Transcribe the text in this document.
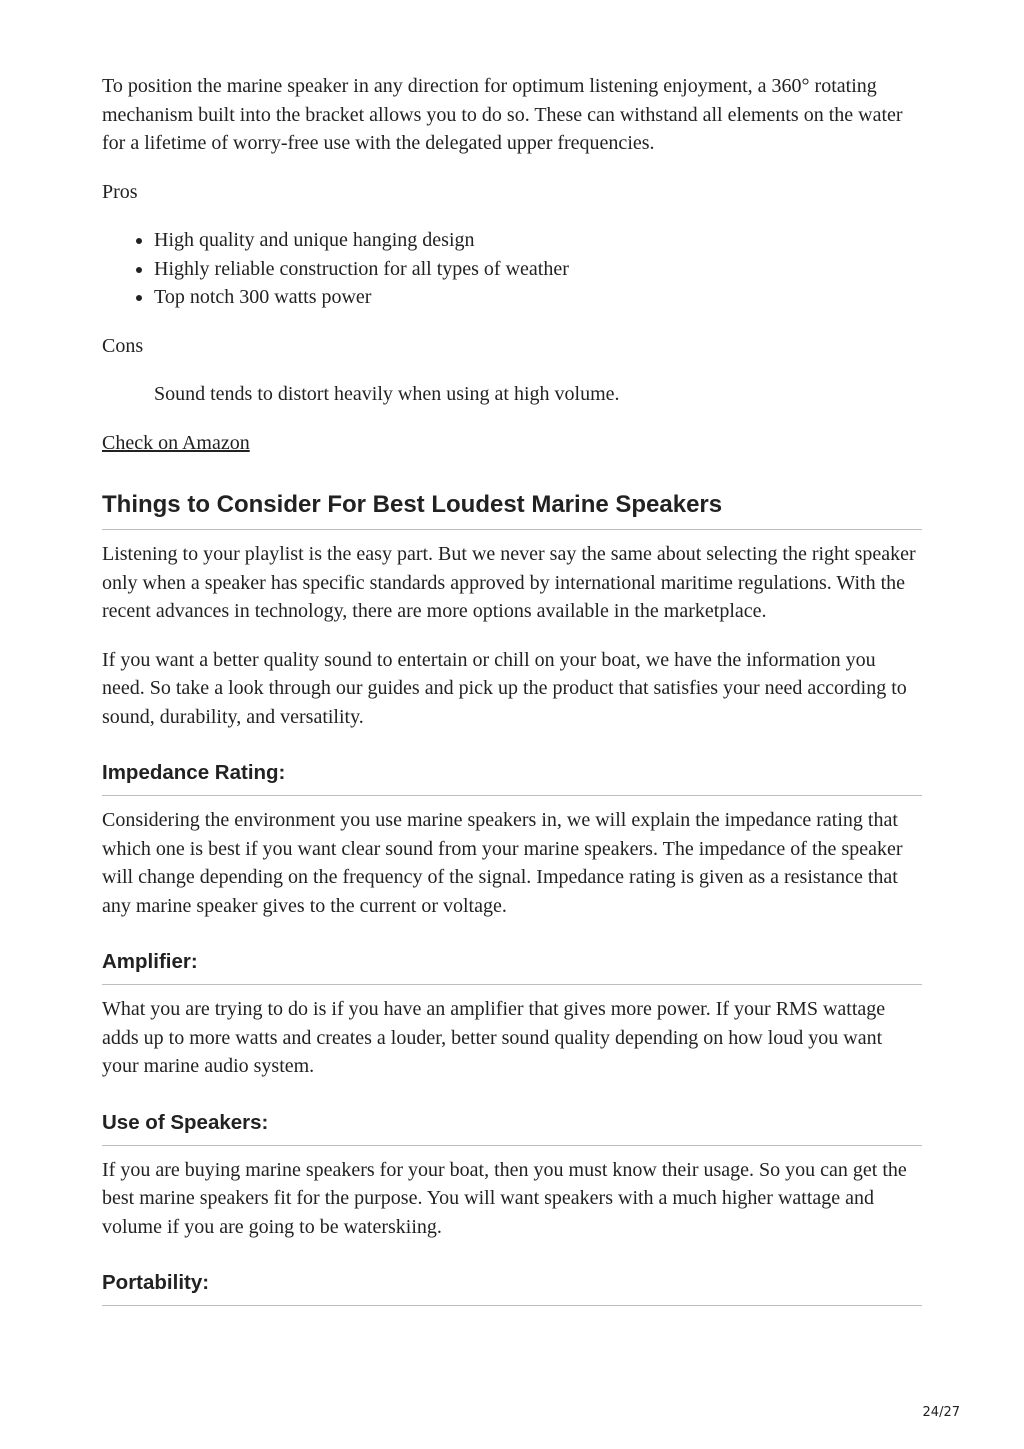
To position the marine speaker in any direction for optimum listening enjoyment, a 360° rotating mechanism built into the bracket allows you to do so. These can withstand all elements on the water for a lifetime of worry-free use with the delegated upper frequencies.

Pros

• High quality and unique hanging design
• Highly reliable construction for all types of weather
• Top notch 300 watts power

Cons

Sound tends to distort heavily when using at high volume.

Check on Amazon
Things to Consider For Best Loudest Marine Speakers

Listening to your playlist is the easy part. But we never say the same about selecting the right speaker only when a speaker has specific standards approved by international maritime regulations. With the recent advances in technology, there are more options available in the marketplace.

If you want a better quality sound to entertain or chill on your boat, we have the information you need. So take a look through our guides and pick up the product that satisfies your need according to sound, durability, and versatility.

Impedance Rating:

Considering the environment you use marine speakers in, we will explain the impedance rating that which one is best if you want clear sound from your marine speakers. The impedance of the speaker will change depending on the frequency of the signal. Impedance rating is given as a resistance that any marine speaker gives to the current or voltage.

Amplifier:

What you are trying to do is if you have an amplifier that gives more power. If your RMS wattage adds up to more watts and creates a louder, better sound quality depending on how loud you want your marine audio system.

Use of Speakers:

If you are buying marine speakers for your boat, then you must know their usage. So you can get the best marine speakers fit for the purpose. You will want speakers with a much higher wattage and volume if you are going to be waterskiing.

Portability:
24/27
